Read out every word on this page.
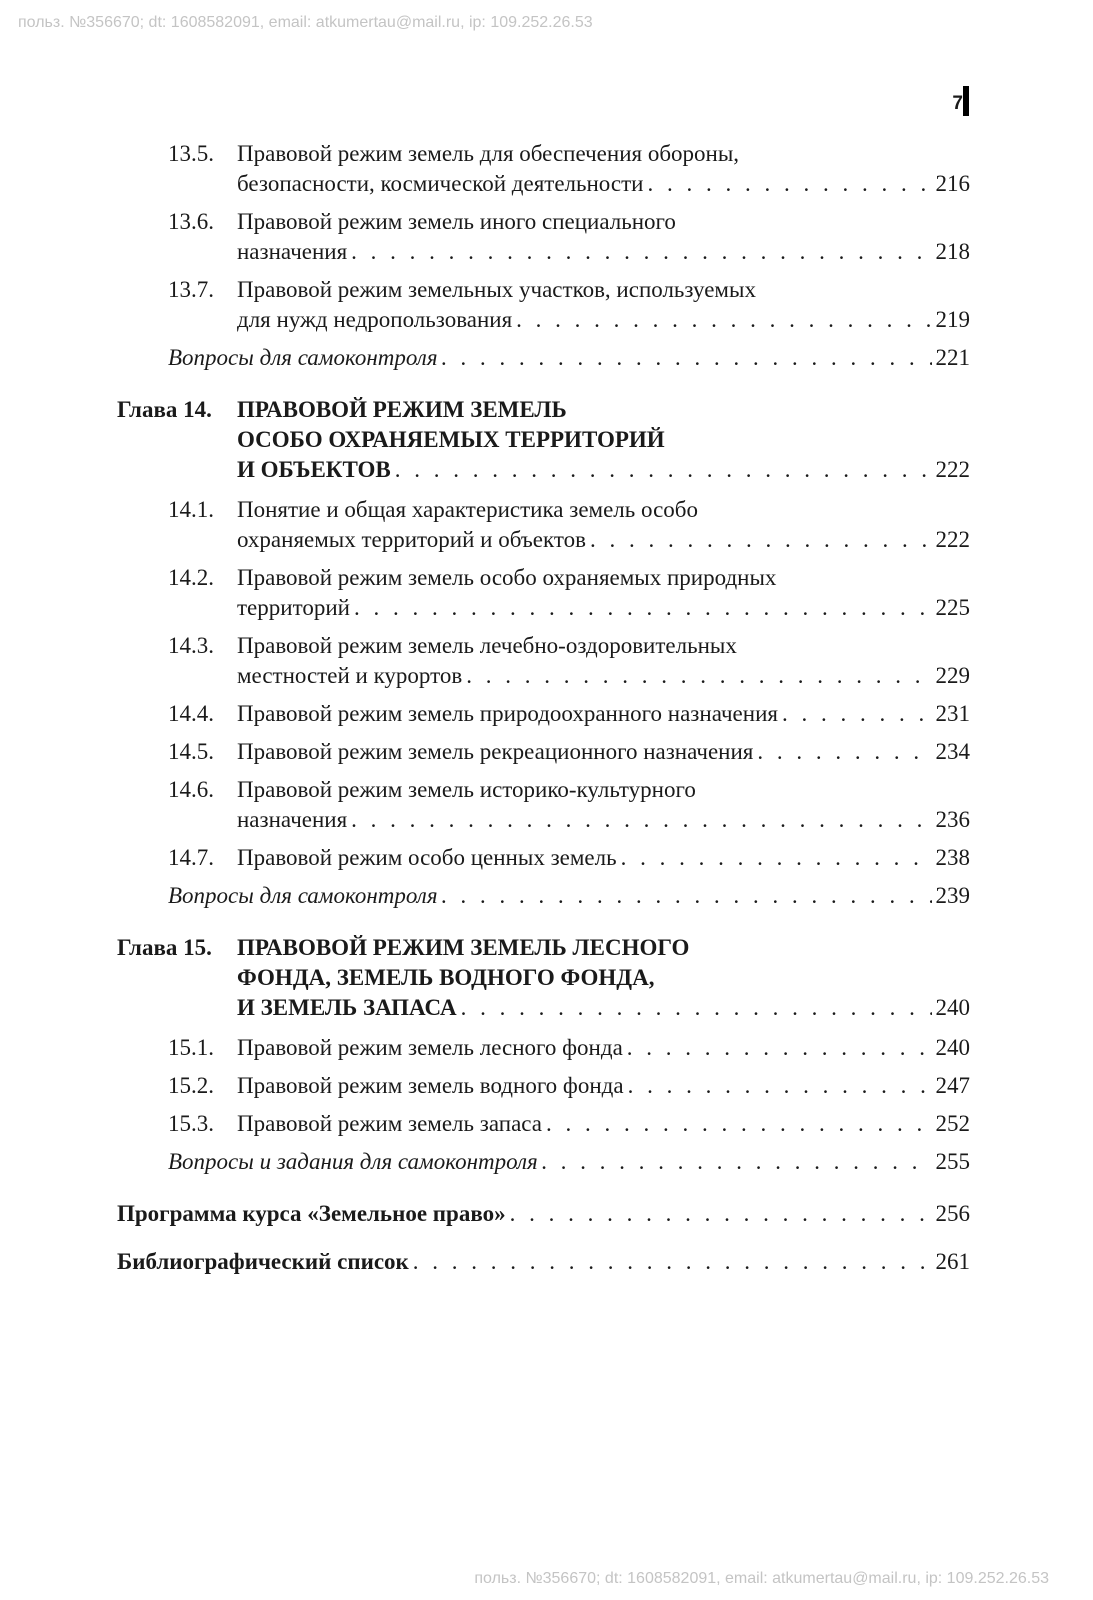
польз. №356670; dt: 1608582091, email: atkumertau@mail.ru, ip: 109.252.26.53
7
13.5. Правовой режим земель для обеспечения обороны,
безопасности, космической деятельности . . .	216
13.6. Правовой режим земель иного специального
назначения . . .	218
13.7. Правовой режим земельных участков, используемых
для нужд недропользования . . .	219
Вопросы для самоконтроля . . .	221
Глава 14. ПРАВОВОЙ РЕЖИМ ЗЕМЕЛЬ
ОСОБО ОХРАНЯЕМЫХ ТЕРРИТОРИЙ
И ОБЪЕКТОВ . . .	222
14.1. Понятие и общая характеристика земель особо
охраняемых территорий и объектов . . .	222
14.2. Правовой режим земель особо охраняемых природных
территорий . . .	225
14.3. Правовой режим земель лечебно-оздоровительных
местностей и курортов . . .	229
14.4. Правовой режим земель природоохранного назначения . . .	231
14.5. Правовой режим земель рекреационного назначения . . .	234
14.6. Правовой режим земель историко-культурного
назначения . . .	236
14.7. Правовой режим особо ценных земель . . .	238
Вопросы для самоконтроля . . .	239
Глава 15. ПРАВОВОЙ РЕЖИМ ЗЕМЕЛЬ ЛЕСНОГО
ФОНДА, ЗЕМЕЛЬ ВОДНОГО ФОНДА,
И ЗЕМЕЛЬ ЗАПАСА . . .	240
15.1. Правовой режим земель лесного фонда . . .	240
15.2. Правовой режим земель водного фонда . . .	247
15.3. Правовой режим земель запаса . . .	252
Вопросы и задания для самоконтроля . . .	255
Программа курса «Земельное право» . . .	256
Библиографический список . . .	261
польз. №356670; dt: 1608582091, email: atkumertau@mail.ru, ip: 109.252.26.53
